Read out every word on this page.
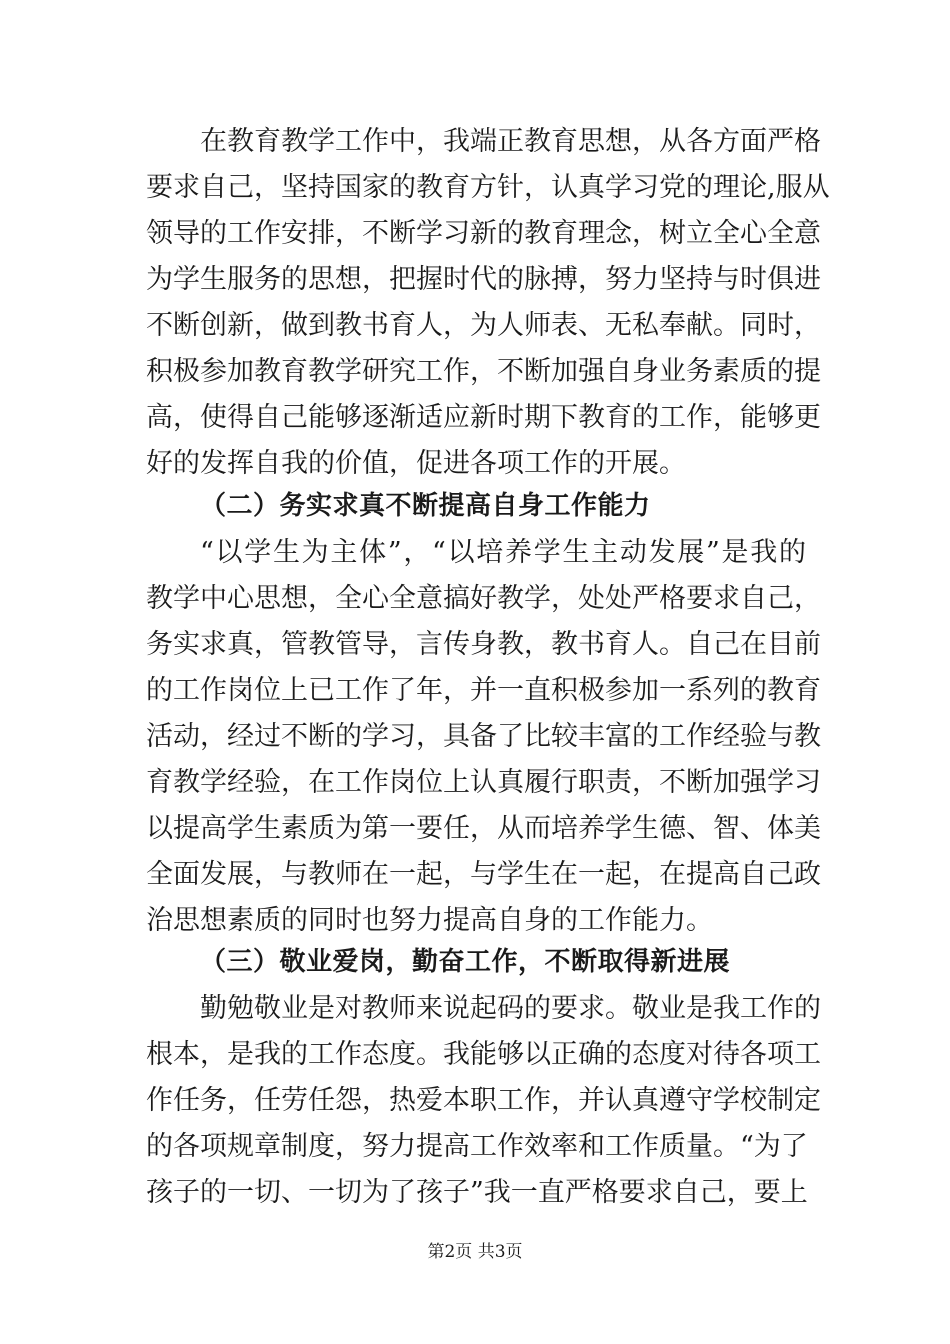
在教育教学工作中，我端正教育思想，从各方面严格
要求自己，坚持国家的教育方针，认真学习党的理论,服从
领导的工作安排，不断学习新的教育理念，树立全心全意
为学生服务的思想，把握时代的脉搏，努力坚持与时俱进
不断创新，做到教书育人，为人师表、无私奉献。同时，
积极参加教育教学研究工作，不断加强自身业务素质的提
高，使得自己能够逐渐适应新时期下教育的工作，能够更
好的发挥自我的价值，促进各项工作的开展。
（二）务实求真不断提高自身工作能力
“以学生为主体”，“以培养学生主动发展”是我的
教学中心思想，全心全意搞好教学，处处严格要求自己，
务实求真，管教管导，言传身教，教书育人。自己在目前
的工作岗位上已工作了年，并一直积极参加一系列的教育
活动，经过不断的学习，具备了比较丰富的工作经验与教
育教学经验，在工作岗位上认真履行职责，不断加强学习
以提高学生素质为第一要任，从而培养学生德、智、体美
全面发展，与教师在一起，与学生在一起，在提高自己政
治思想素质的同时也努力提高自身的工作能力。
（三）敬业爱岗，勤奋工作，不断取得新进展
勤勉敬业是对教师来说起码的要求。敬业是我工作的
根本，是我的工作态度。我能够以正确的态度对待各项工
作任务，任劳任怨，热爱本职工作，并认真遵守学校制定
的各项规章制度，努力提高工作效率和工作质量。“为了
孩子的一切、一切为了孩子”我一直严格要求自己，要上
第2页 共3页
